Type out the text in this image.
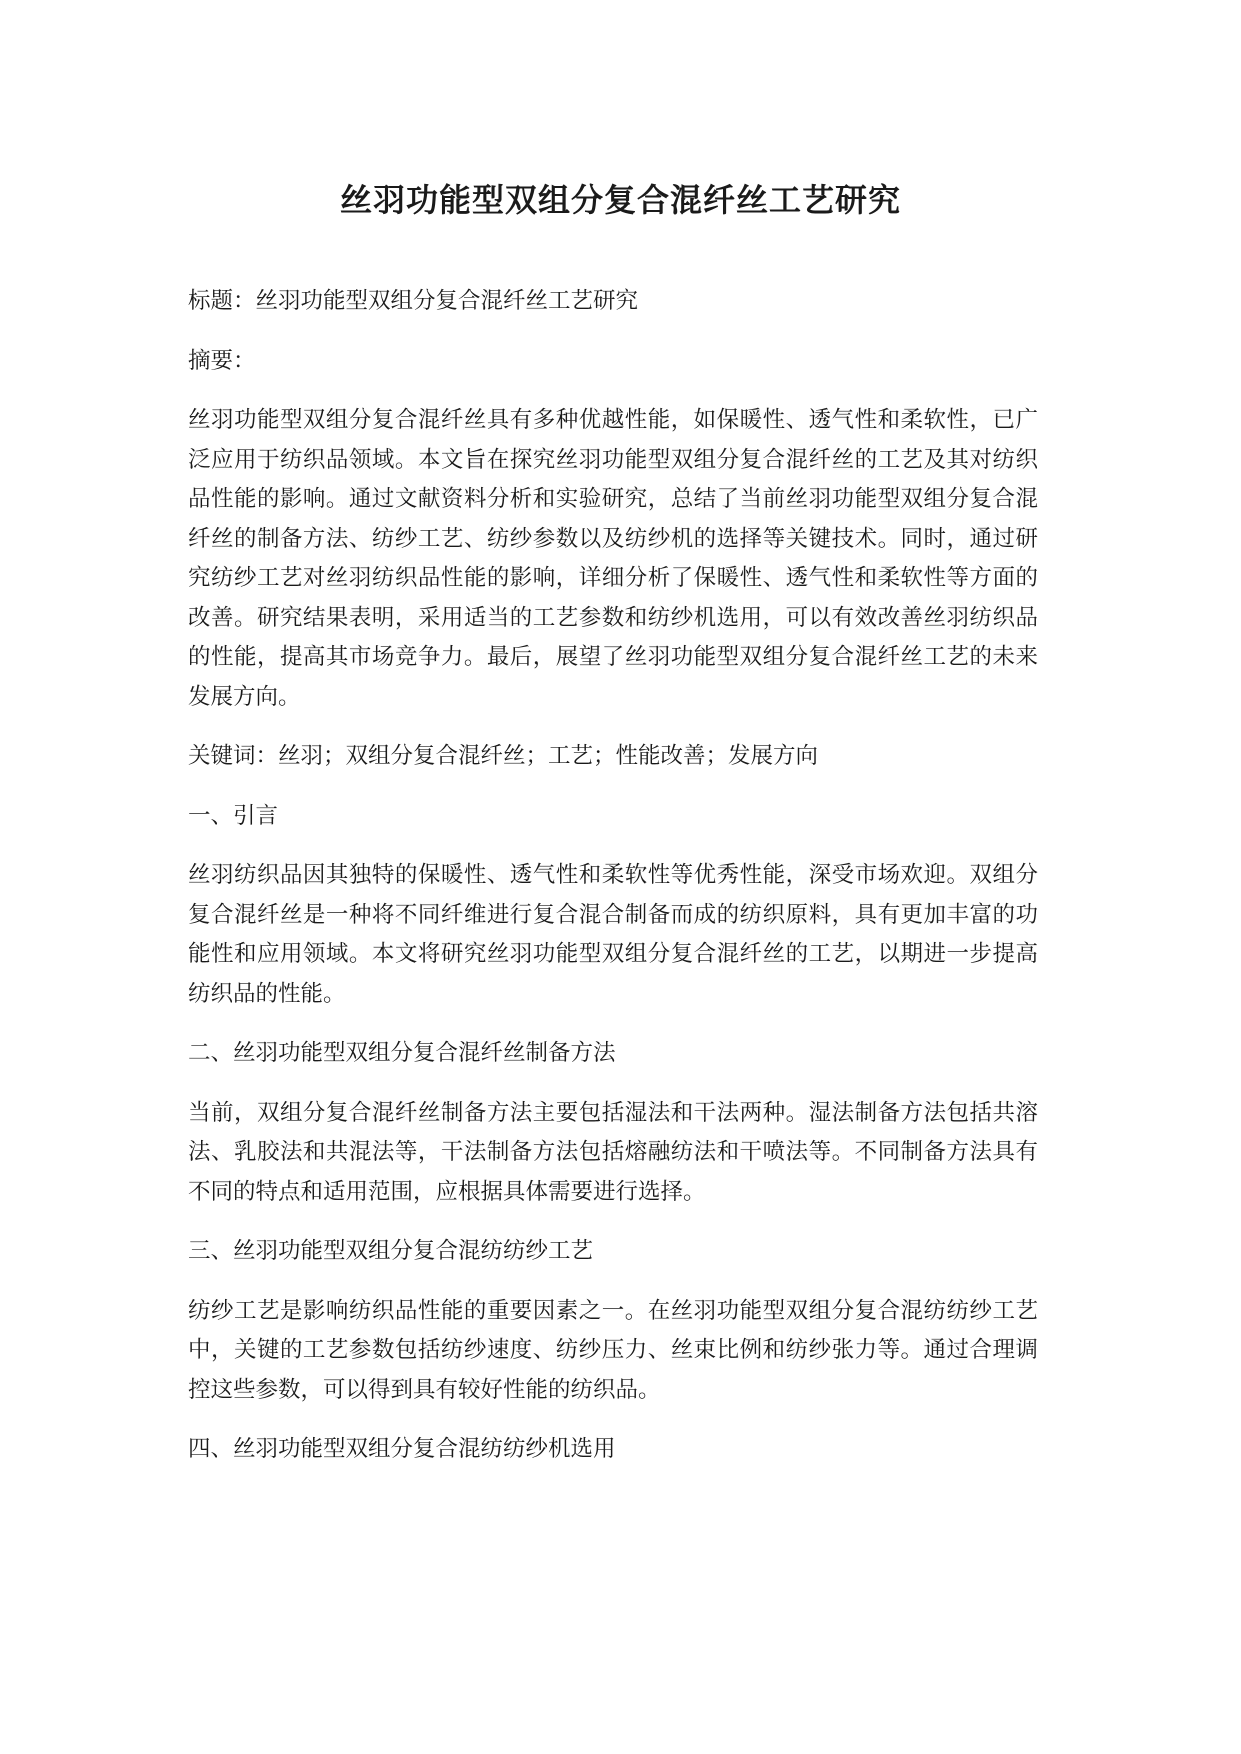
丝羽功能型双组分复合混纤丝工艺研究

标题：丝羽功能型双组分复合混纤丝工艺研究

摘要：

丝羽功能型双组分复合混纤丝具有多种优越性能，如保暖性、透气性和柔软性，已广泛应用于纺织品领域。本文旨在探究丝羽功能型双组分复合混纤丝的工艺及其对纺织品性能的影响。通过文献资料分析和实验研究，总结了当前丝羽功能型双组分复合混纤丝的制备方法、纺纱工艺、纺纱参数以及纺纱机的选择等关键技术。同时，通过研究纺纱工艺对丝羽纺织品性能的影响，详细分析了保暖性、透气性和柔软性等方面的改善。研究结果表明，采用适当的工艺参数和纺纱机选用，可以有效改善丝羽纺织品的性能，提高其市场竞争力。最后，展望了丝羽功能型双组分复合混纤丝工艺的未来发展方向。

关键词：丝羽；双组分复合混纤丝；工艺；性能改善；发展方向

一、引言

丝羽纺织品因其独特的保暖性、透气性和柔软性等优秀性能，深受市场欢迎。双组分复合混纤丝是一种将不同纤维进行复合混合制备而成的纺织原料，具有更加丰富的功能性和应用领域。本文将研究丝羽功能型双组分复合混纤丝的工艺，以期进一步提高纺织品的性能。

二、丝羽功能型双组分复合混纤丝制备方法

当前，双组分复合混纤丝制备方法主要包括湿法和干法两种。湿法制备方法包括共溶法、乳胶法和共混法等，干法制备方法包括熔融纺法和干喷法等。不同制备方法具有不同的特点和适用范围，应根据具体需要进行选择。

三、丝羽功能型双组分复合混纺纺纱工艺

纺纱工艺是影响纺织品性能的重要因素之一。在丝羽功能型双组分复合混纺纺纱工艺中，关键的工艺参数包括纺纱速度、纺纱压力、丝束比例和纺纱张力等。通过合理调控这些参数，可以得到具有较好性能的纺织品。

四、丝羽功能型双组分复合混纺纺纱机选用
